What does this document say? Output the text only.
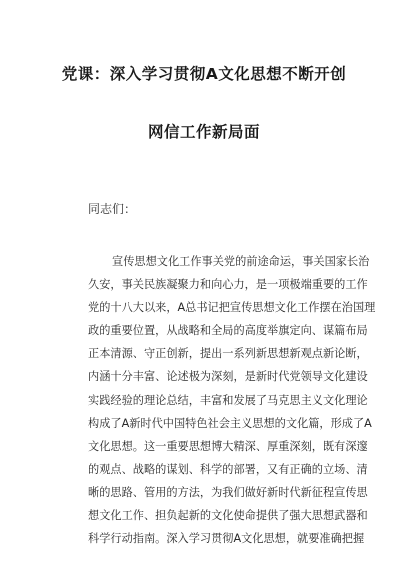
党课：深入学习贯彻A文化思想不断开创
网信工作新局面
同志们：
宣传思想文化工作事关党的前途命运，事关国家长治
久安，事关民族凝聚力和向心力，是一项极端重要的工作
党的十八大以来，A总书记把宣传思想文化工作摆在治国理
政的重要位置，从战略和全局的高度举旗定向、谋篇布局
正本清源、守正创新，提出一系列新思想新观点新论断，
内涵十分丰富、论述极为深刻，是新时代党领导文化建设
实践经验的理论总结，丰富和发展了马克思主义文化理论
构成了A新时代中国特色社会主义思想的文化篇，形成了A
文化思想。这一重要思想博大精深、厚重深刻，既有深邃
的观点、战略的谋划、科学的部署，又有正确的立场、清
晰的思路、管用的方法，为我们做好新时代新征程宣传思
想文化工作、担负起新的文化使命提供了强大思想武器和
科学行动指南。深入学习贯彻A文化思想，就要准确把握
